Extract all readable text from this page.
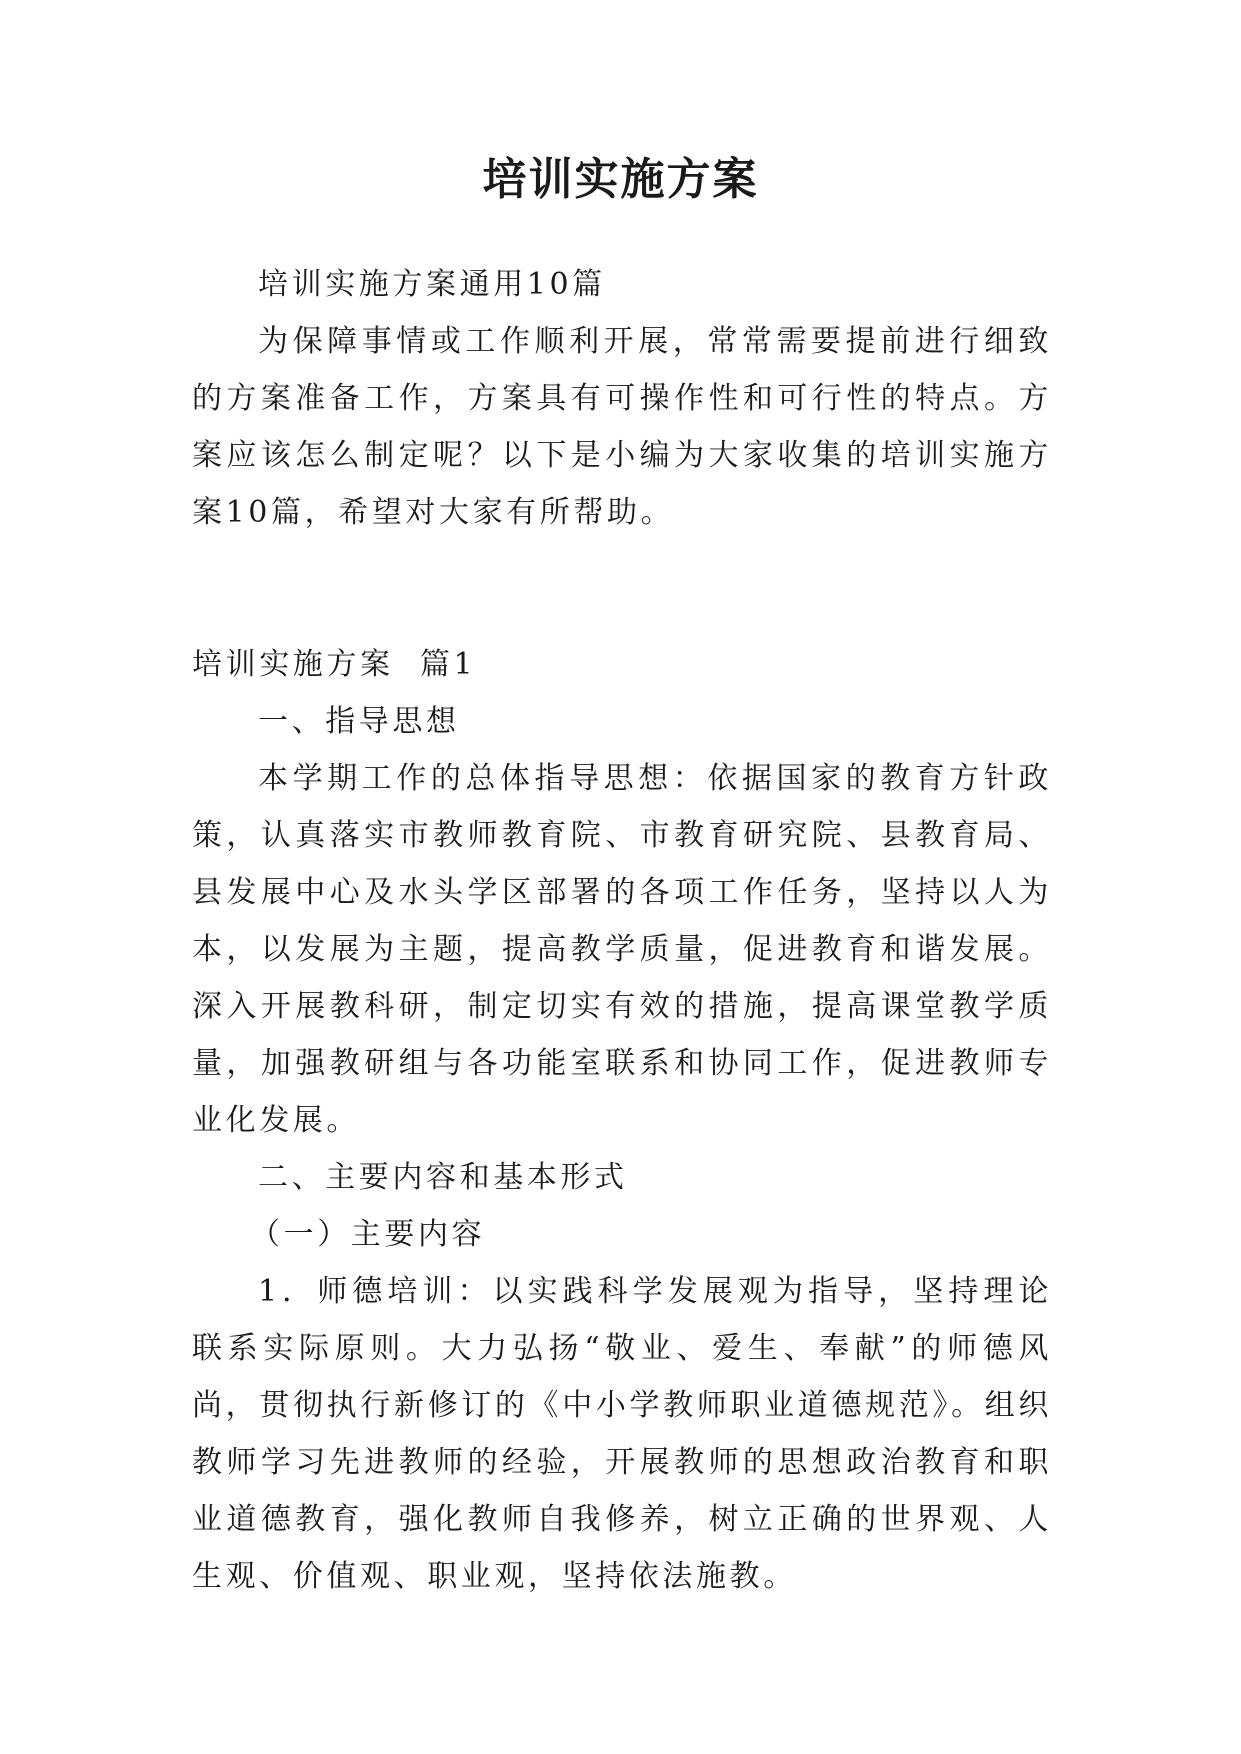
培训实施方案

培训实施方案通用10篇

为保障事情或工作顺利开展，常常需要提前进行细致的方案准备工作，方案具有可操作性和可行性的特点。方案应该怎么制定呢？以下是小编为大家收集的培训实施方案10篇，希望对大家有所帮助。

培训实施方案  篇1

一、指导思想

本学期工作的总体指导思想：依据国家的教育方针政策，认真落实市教师教育院、市教育研究院、县教育局、县发展中心及水头学区部署的各项工作任务，坚持以人为本，以发展为主题，提高教学质量，促进教育和谐发展。深入开展教科研，制定切实有效的措施，提高课堂教学质量，加强教研组与各功能室联系和协同工作，促进教师专业化发展。

二、主要内容和基本形式

（一）主要内容

1．师德培训：以实践科学发展观为指导，坚持理论联系实际原则。大力弘扬“敬业、爱生、奉献”的师德风尚，贯彻执行新修订的《中小学教师职业道德规范》。组织教师学习先进教师的经验，开展教师的思想政治教育和职业道德教育，强化教师自我修养，树立正确的世界观、人生观、价值观、职业观，坚持依法施教。
